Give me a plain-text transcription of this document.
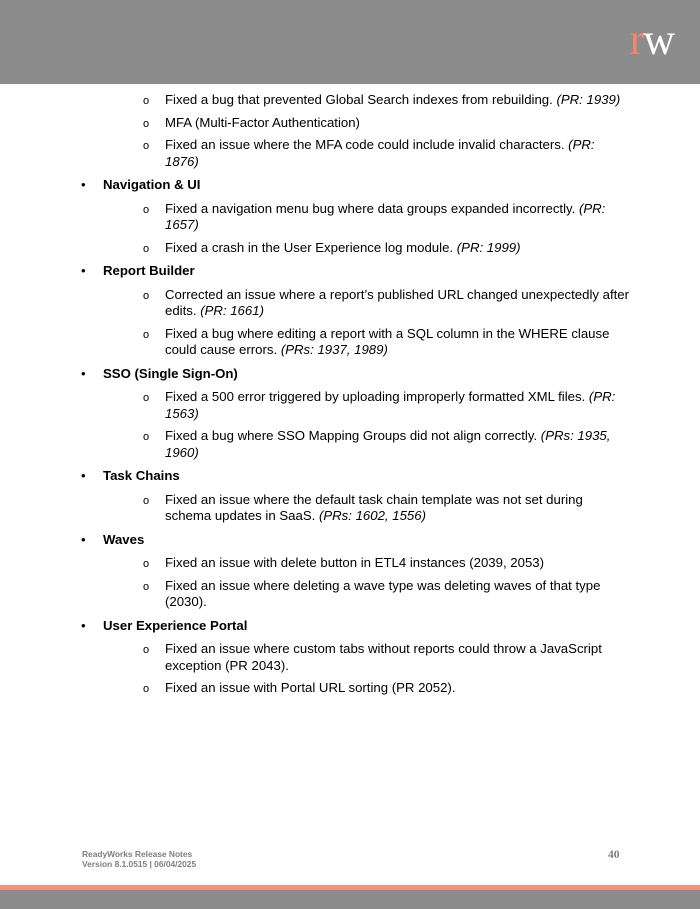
rw
o Fixed a bug that prevented Global Search indexes from rebuilding. (PR: 1939)
o MFA (Multi-Factor Authentication)
o Fixed an issue where the MFA code could include invalid characters. (PR: 1876)
• Navigation & UI
o Fixed a navigation menu bug where data groups expanded incorrectly. (PR: 1657)
o Fixed a crash in the User Experience log module. (PR: 1999)
• Report Builder
o Corrected an issue where a report’s published URL changed unexpectedly after edits. (PR: 1661)
o Fixed a bug where editing a report with a SQL column in the WHERE clause could cause errors. (PRs: 1937, 1989)
• SSO (Single Sign-On)
o Fixed a 500 error triggered by uploading improperly formatted XML files. (PR: 1563)
o Fixed a bug where SSO Mapping Groups did not align correctly. (PRs: 1935, 1960)
• Task Chains
o Fixed an issue where the default task chain template was not set during schema updates in SaaS. (PRs: 1602, 1556)
• Waves
o Fixed an issue with delete button in ETL4 instances (2039, 2053)
o Fixed an issue where deleting a wave type was deleting waves of that type (2030).
• User Experience Portal
o Fixed an issue where custom tabs without reports could throw a JavaScript exception (PR 2043).
o Fixed an issue with Portal URL sorting (PR 2052).
ReadyWorks Release Notes
Version 8.1.0515 | 06/04/2025
40
